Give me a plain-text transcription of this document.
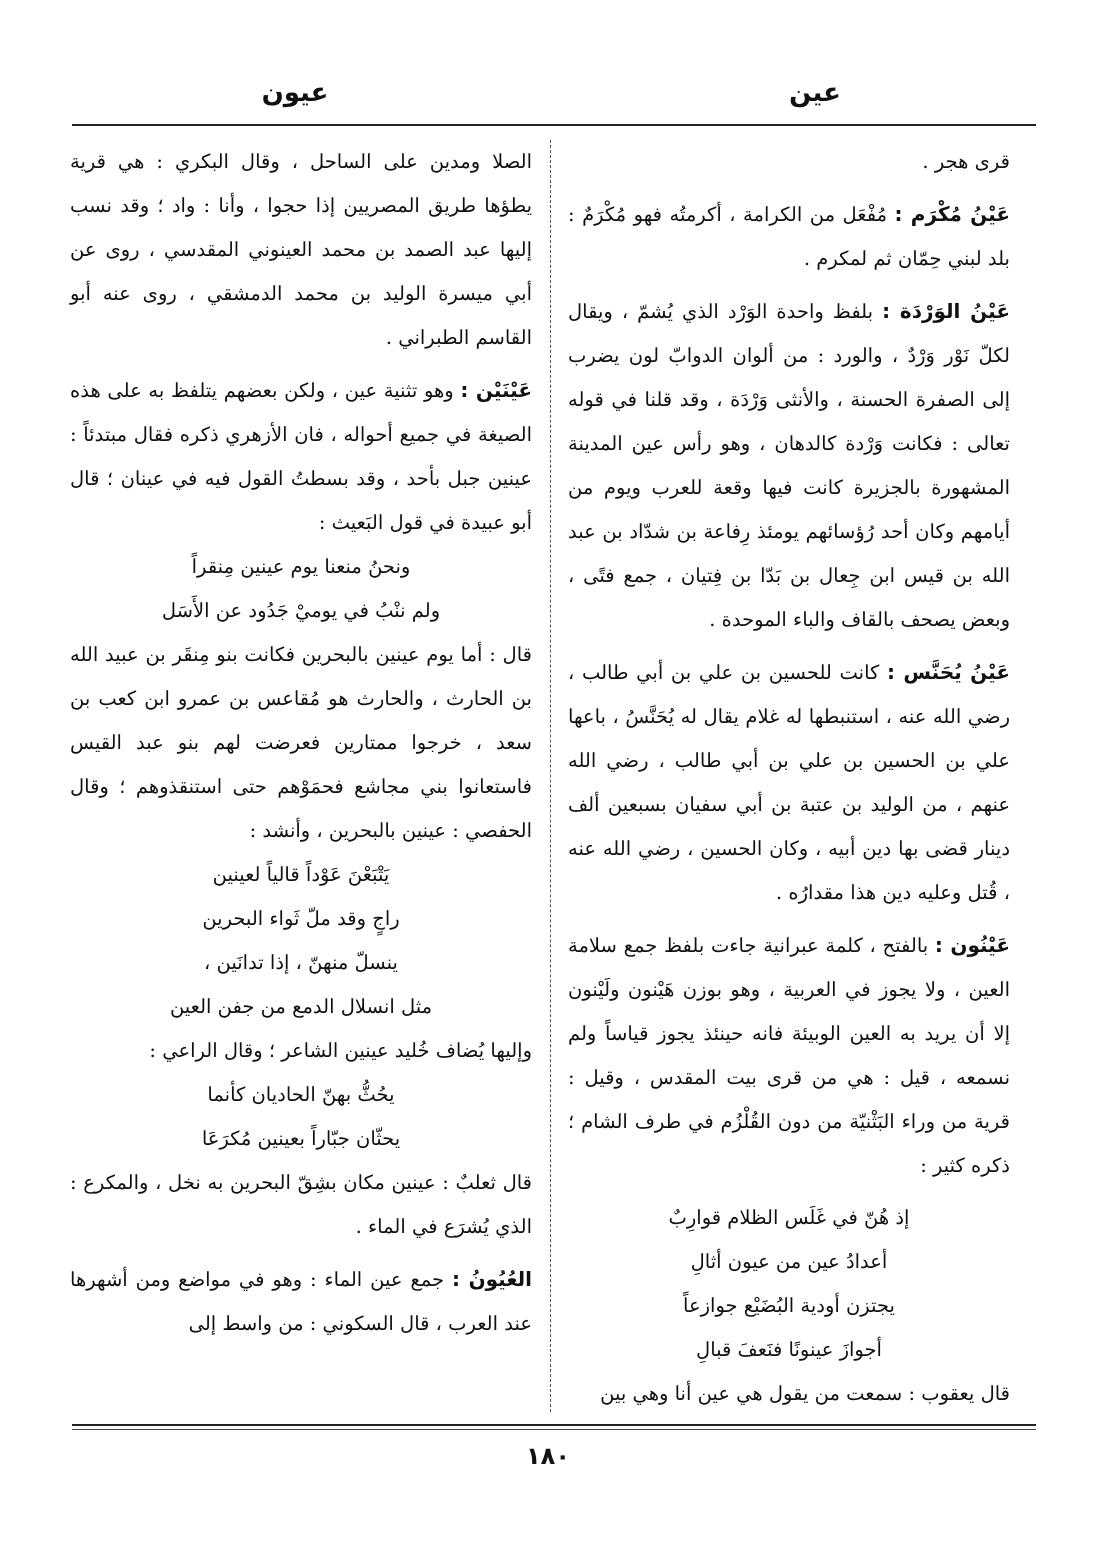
عين
عيون

قرى هجر .

عَيْنُ مُكْرَم : مُفْعَل من الكرامة ، أكرمتُه فهو مُكْرَمٌ : بلد لبني حِمّان ثم لمكرم .

عَيْنُ الوَرْدَة : بلفظ واحدة الوَرْد الذي يُشمّ ، ويقال لكلّ نَوْر وَرْدٌ ، والورد : من ألوان الدوابّ لون يضرب إلى الصفرة الحسنة ، والأنثى وَرْدَة ، وقد قلنا في قوله تعالى : فكانت وَرْدة كالدهان ، وهو رأس عين المدينة المشهورة بالجزيرة كانت فيها وقعة للعرب ويوم من أيامهم وكان أحد رُؤسائهم يومئذ رِفاعة بن شدّاد بن عبد الله بن قيس ابن جِعال بن بَدّا بن فِتيان ، جمع فتًى ، وبعض يصحف بالقاف والباء الموحدة .

عَيْنُ يُحَنَّس : كانت للحسين بن علي بن أبي طالب ، رضي الله عنه ، استنبطها له غلام يقال له يُحَنَّسُ ، باعها علي بن الحسين بن علي بن أبي طالب ، رضي الله عنهم ، من الوليد بن عتبة بن أبي سفيان بسبعين ألف دينار قضى بها دين أبيه ، وكان الحسين ، رضي الله عنه ، قُتل وعليه دين هذا مقدارُه .

عَيْنُون : بالفتح ، كلمة عبرانية جاءت بلفظ جمع سلامة العين ، ولا يجوز في العربية ، وهو بوزن هَيْنون ولَيْنون إلا أن يريد به العين الوبيئة فانه حينئذ يجوز قياساً ولم نسمعه ، قيل : هي من قرى بيت المقدس ، وقيل : قرية من وراء البَثْنيّة من دون القُلْزُم في طرف الشام ؛ ذكره كثير :

إذ هُنّ في غَلَس الظلام قوارِبٌ
أعدادُ عين من عيون أثالِ
يجتزن أودية البُضَيْع جوازعاً
أجوازَ عينونًا فنَعفَ قبالِ

قال يعقوب : سمعت من يقول هي عين أنا وهي بين

الصلا ومدين على الساحل ، وقال البكري : هي قرية يطؤها طريق المصريين إذا حجوا ، وأنا : واد ؛ وقد نسب إليها عبد الصمد بن محمد العينوني المقدسي ، روى عن أبي ميسرة الوليد بن محمد الدمشقي ، روى عنه أبو القاسم الطبراني .

عَيْنَيْن : وهو تثنية عين ، ولكن بعضهم يتلفظ به على هذه الصيغة في جميع أحواله ، فان الأزهري ذكره فقال مبتدئاً : عينين جبل بأحد ، وقد بسطتُ القول فيه في عينان ؛ قال أبو عبيدة في قول البَعيث :

ونحنُ منعنا يوم عينين مِنقراً
ولم ننْبُ في يوميْ جَدُود عن الأَسَل

قال : أما يوم عينين بالبحرين فكانت بنو مِنقَر بن عبيد الله بن الحارث ، والحارث هو مُقاعس بن عمرو ابن كعب بن سعد ، خرجوا ممتارين فعرضت لهم بنو عبد القيس فاستعانوا بني مجاشع فحمَوْهم حتى استنقذوهم ؛ وقال الحفصي : عينين بالبحرين ، وأنشد :

يَتْبَعْنَ عَوْداً قالياً لعينين
راجٍ وقد ملّ ثَواء البحرين
ينسلّ منهنّ ، إذا تدانَين ،
مثل انسلال الدمع من جفن العين

وإليها يُضاف خُليد عينين الشاعر ؛ وقال الراعي :

يحُثُّ بهنّ الحاديان كأنما
يحثّان جبّاراً بعينين مُكرَعَا

قال ثعلبٌ : عينين مكان بشِقّ البحرين به نخل ، والمكرع : الذي يُشرَع في الماء .

العُيُونُ : جمع عين الماء : وهو في مواضع ومن أشهرها عند العرب ، قال السكوني : من واسط إلى

١٨٠
